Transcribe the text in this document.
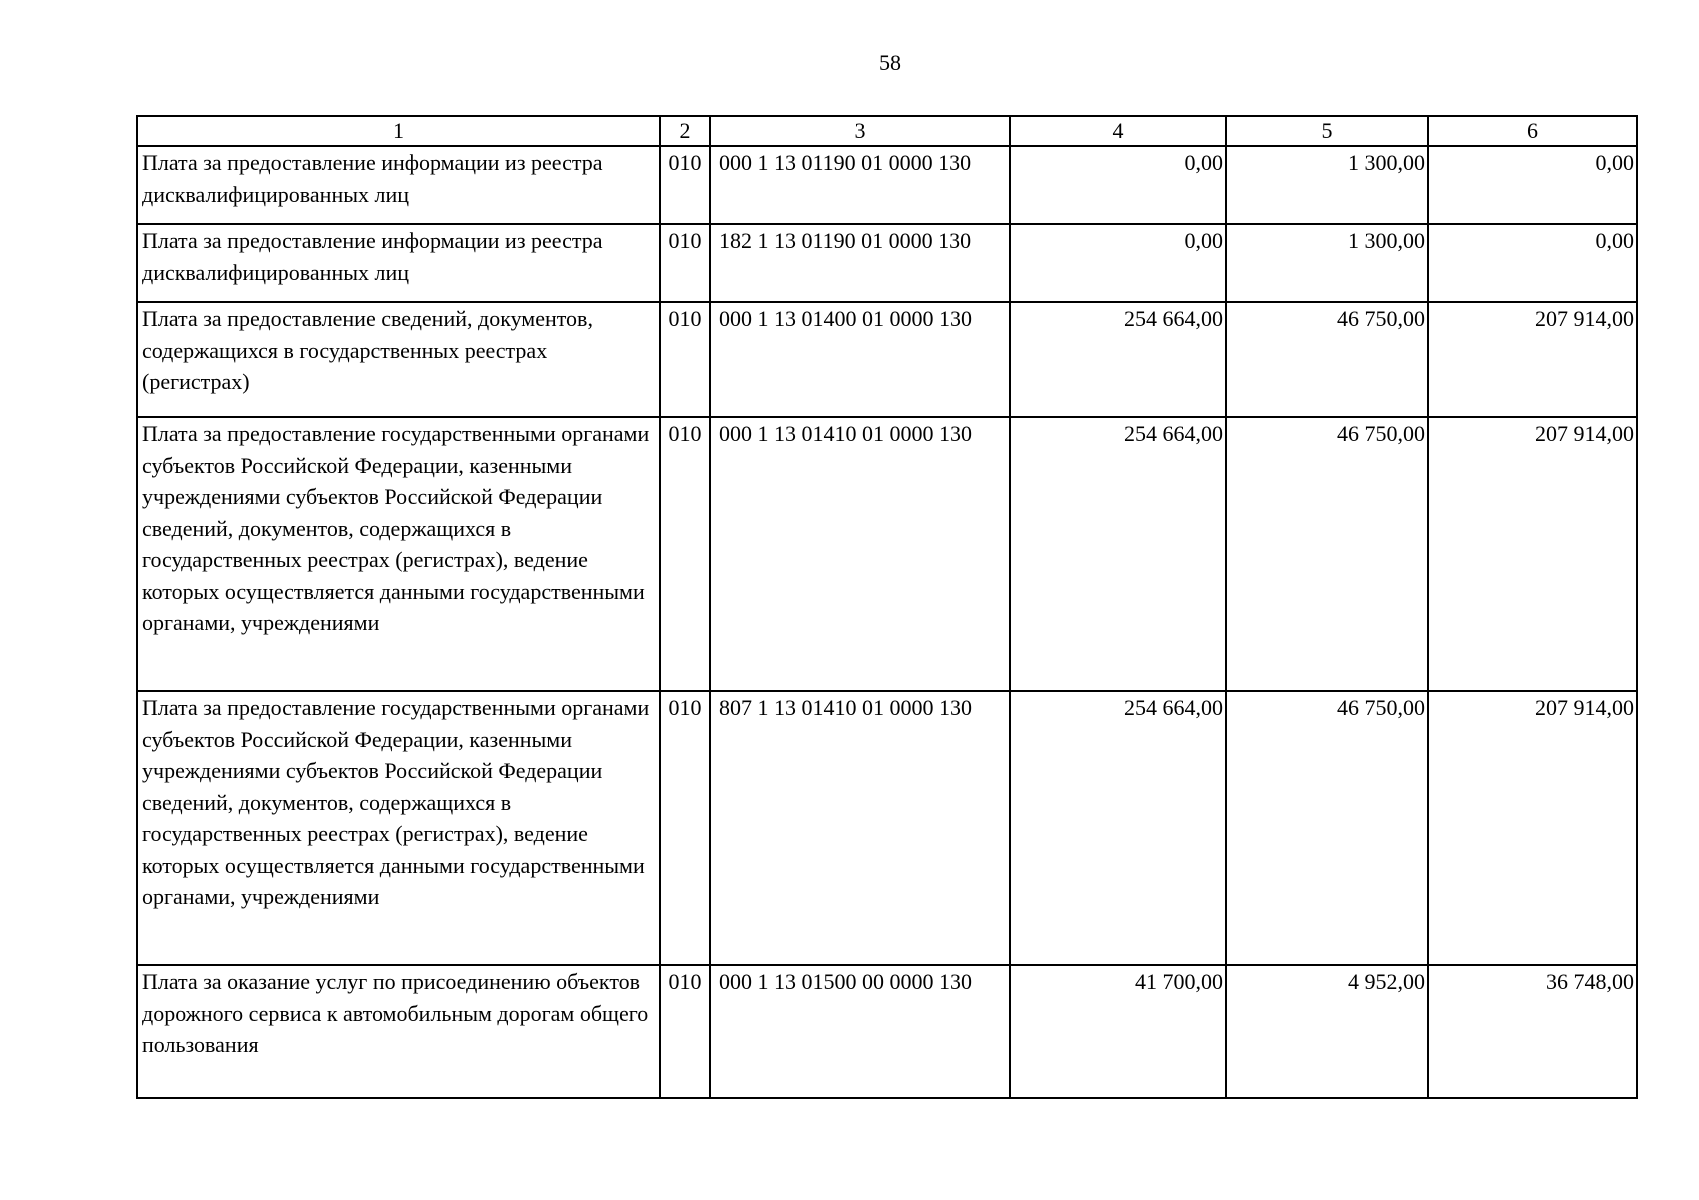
58
1	2	3	4	5	6
Плата за предоставление информации из реестра дисквалифицированных лиц	010	000 1 13 01190 01 0000 130	0,00	1 300,00	0,00
Плата за предоставление информации из реестра дисквалифицированных лиц	010	182 1 13 01190 01 0000 130	0,00	1 300,00	0,00
Плата за предоставление сведений, документов, содержащихся в государственных реестрах (регистрах)	010	000 1 13 01400 01 0000 130	254 664,00	46 750,00	207 914,00
Плата за предоставление государственными органами субъектов Российской Федерации, казенными учреждениями субъектов Российской Федерации сведений, документов, содержащихся в государственных реестрах (регистрах), ведение которых осуществляется данными государственными органами, учреждениями	010	000 1 13 01410 01 0000 130	254 664,00	46 750,00	207 914,00
Плата за предоставление государственными органами субъектов Российской Федерации, казенными учреждениями субъектов Российской Федерации сведений, документов, содержащихся в государственных реестрах (регистрах), ведение которых осуществляется данными государственными органами, учреждениями	010	807 1 13 01410 01 0000 130	254 664,00	46 750,00	207 914,00
Плата за оказание услуг по присоединению объектов дорожного сервиса к автомобильным дорогам общего пользования	010	000 1 13 01500 00 0000 130	41 700,00	4 952,00	36 748,00
